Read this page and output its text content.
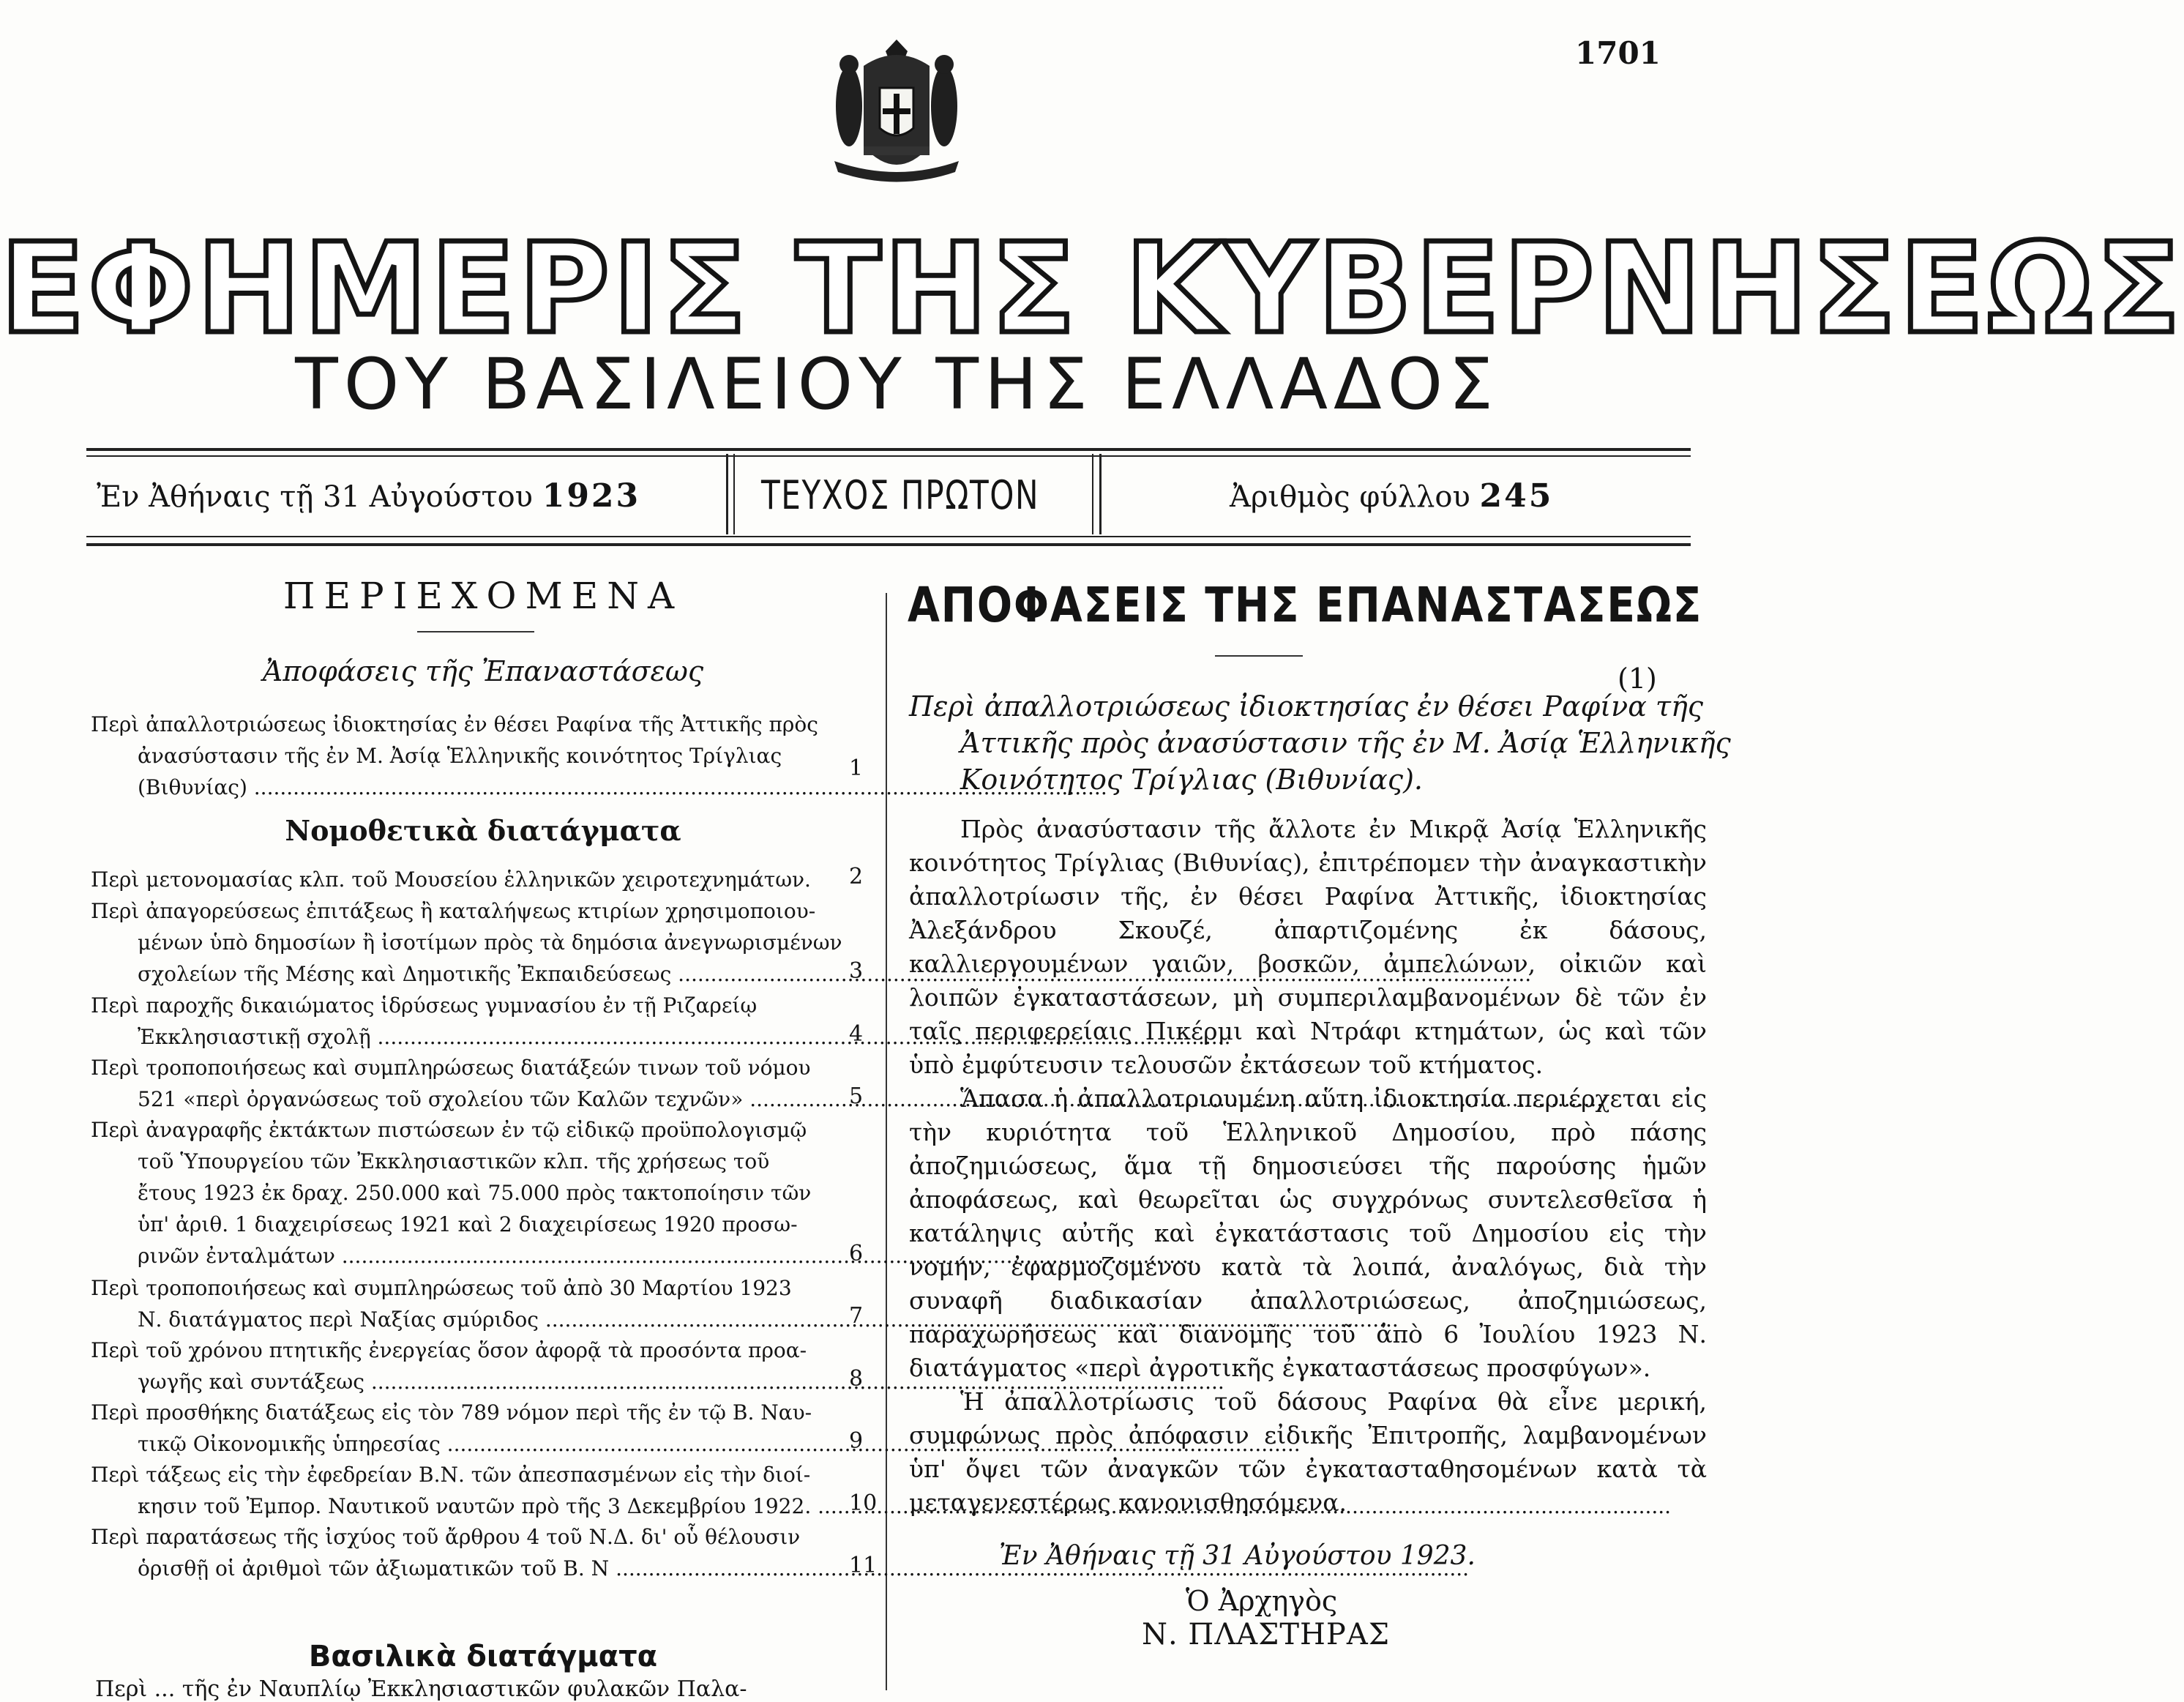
1701
ΕΦΗΜΕΡΙΣ ΤΗΣ ΚΥΒΕΡΝΗΣΕΩΣ
ΤΟΥ ΒΑΣΙΛΕΙΟΥ ΤΗΣ ΕΛΛΑΔΟΣ
Ἐν Ἀθήναις τῇ 31 Αὐγούστου 1923	ΤΕΥΧΟΣ ΠΡΩΤΟΝ	Ἀριθμὸς φύλλου 245
ΠΕΡΙΕΧΟΜΕΝΑ
Ἀποφάσεις τῆς Ἐπαναστάσεως
Νομοθετικὰ διατάγματα
Περὶ ἀπαλλοτριώσεως ἰδιοκτησίας ἐν θέσει Ραφίνα τῆς Ἀττικῆς πρὸς
ἀνασύστασιν τῆς ἐν Μ. Ἀσίᾳ Ἑλληνικῆς κοινότητος Τρίγλιας
(Βιθυνίας) .....
1
Περὶ μετονομασίας κλπ. τοῦ Μουσείου ἑλληνικῶν χειροτεχνημάτων. 2
Περὶ ἀπαγορεύσεως ἐπιτάξεως ἢ καταλήψεως κτιρίων χρησιμοποιου-
μένων ὑπὸ δημοσίων ἢ ἰσοτίμων πρὸς τὰ δημόσια ἀνεγνωρισμένων
σχολείων τῆς Μέσης καὶ Δημοτικῆς Ἐκπαιδεύσεως .....	3
Περὶ παροχῆς δικαιώματος ἱδρύσεως γυμνασίου ἐν τῇ Ριζαρείῳ
Ἐκκλησιαστικῇ σχολῇ .....	4
Περὶ τροποποιήσεως καὶ συμπληρώσεως διατάξεών τινων τοῦ νόμου
521 «περὶ ὀργανώσεως τοῦ σχολείου τῶν Καλῶν τεχνῶν» .....	5
Περὶ ἀναγραφῆς ἐκτάκτων πιστώσεων ἐν τῷ εἰδικῷ προϋπολογισμῷ
τοῦ Ὑπουργείου τῶν Ἐκκλησιαστικῶν κλπ. τῆς χρήσεως τοῦ
ἔτους 1923 ἐκ δραχ. 250.000 καὶ 75.000 πρὸς τακτοποίησιν τῶν
ὑπ' ἀριθ. 1 διαχειρίσεως 1921 καὶ 2 διαχειρίσεως 1920 προσω-
ρινῶν ἐνταλμάτων .....	6
Περὶ τροποποιήσεως καὶ συμπληρώσεως τοῦ ἀπὸ 30 Μαρτίου 1923
Ν. διατάγματος περὶ Ναξίας σμύριδος .....	7
Περὶ τοῦ χρόνου πτητικῆς ἐνεργείας ὅσον ἀφορᾷ τὰ προσόντα προα-
γωγῆς καὶ συντάξεως .....	8
Περὶ προσθήκης διατάξεως εἰς τὸν 789 νόμον περὶ τῆς ἐν τῷ Β. Ναυ-
τικῷ Οἰκονομικῆς ὑπηρεσίας .....	9
Περὶ τάξεως εἰς τὴν ἐφεδρείαν Β.Ν. τῶν ἀπεσπασμένων εἰς τὴν διοί-
κησιν τοῦ Ἐμπορ. Ναυτικοῦ ναυτῶν πρὸ τῆς 3 Δεκεμβρίου 1922. ..... 10
Περὶ παρατάσεως τῆς ἰσχύος τοῦ ἄρθρου 4 τοῦ Ν.Δ. δι' οὗ θέλουσιν
ὁρισθῇ οἱ ἀριθμοὶ τῶν ἀξιωματικῶν τοῦ Β. Ν .....	11
Βασιλικὰ διατάγματα
Περὶ ... τῆς ἐν Ναυπλίῳ Ἐκκλησιαστικῶν φυλακῶν Παλα-
ΑΠΟΦΑΣΕΙΣ ΤΗΣ ΕΠΑΝΑΣΤΑΣΕΩΣ
(1)
Περὶ ἀπαλλοτριώσεως ἰδιοκτησίας ἐν θέσει Ραφίνα τῆς
Ἀττικῆς πρὸς ἀνασύστασιν τῆς ἐν Μ. Ἀσίᾳ Ἑλληνικῆς
Κοινότητος Τρίγλιας (Βιθυνίας).

Πρὸς ἀνασύστασιν τῆς ἄλλοτε ἐν Μικρᾷ Ἀσίᾳ Ἑλληνικῆς κοινότητος Τρίγλιας (Βιθυνίας), ἐπιτρέπομεν τὴν ἀναγκαστικὴν ἀπαλλοτρίωσιν τῆς, ἐν θέσει Ραφίνα Ἀττικῆς, ἰδιοκτησίας Ἀλεξάνδρου Σκουζέ, ἀπαρτιζομένης ἐκ δάσους, καλλιεργουμένων γαιῶν, βοσκῶν, ἀμπελώνων, οἰκιῶν καὶ λοιπῶν ἐγκαταστάσεων, μὴ συμπεριλαμβανομένων δὲ τῶν ἐν ταῖς περιφερείαις Πικέρμι καὶ Ντράφι κτημάτων, ὡς καὶ τῶν ὑπὸ ἐμφύτευσιν τελουσῶν ἐκτάσεων τοῦ κτήματος.

Ἅπασα ἡ ἀπαλλοτριουμένη αὕτη ἰδιοκτησία περιέρχεται εἰς τὴν κυριότητα τοῦ Ἑλληνικοῦ Δημοσίου, πρὸ πάσης ἀποζημιώσεως, ἅμα τῇ δημοσιεύσει τῆς παρούσης ἡμῶν ἀποφάσεως, καὶ θεωρεῖται ὡς συγχρόνως συντελεσθεῖσα ἡ κατάληψις αὐτῆς καὶ ἐγκατάστασις τοῦ Δημοσίου εἰς τὴν νομήν, ἐφαρμοζομένου κατὰ τὰ λοιπά, ἀναλόγως, διὰ τὴν συναφῆ διαδικασίαν ἀπαλλοτριώσεως, ἀποζημιώσεως, παραχωρήσεως καὶ διανομῆς τοῦ ἀπὸ 6 Ἰουλίου 1923 Ν. διατάγματος «περὶ ἀγροτικῆς ἐγκαταστάσεως προσφύγων».

Ἡ ἀπαλλοτρίωσις τοῦ δάσους Ραφίνα θὰ εἶνε μερική, συμφώνως πρὸς ἀπόφασιν εἰδικῆς Ἐπιτροπῆς, λαμβανομένων ὑπ' ὄψει τῶν ἀναγκῶν τῶν ἐγκατασταθησομένων κατὰ τὰ μεταγενεστέρως κανονισθησόμενα.

Ἐν Ἀθήναις τῇ 31 Αὐγούστου 1923.
Ὁ Ἀρχηγὸς
Ν. ΠΛΑΣΤΗΡΑΣ
